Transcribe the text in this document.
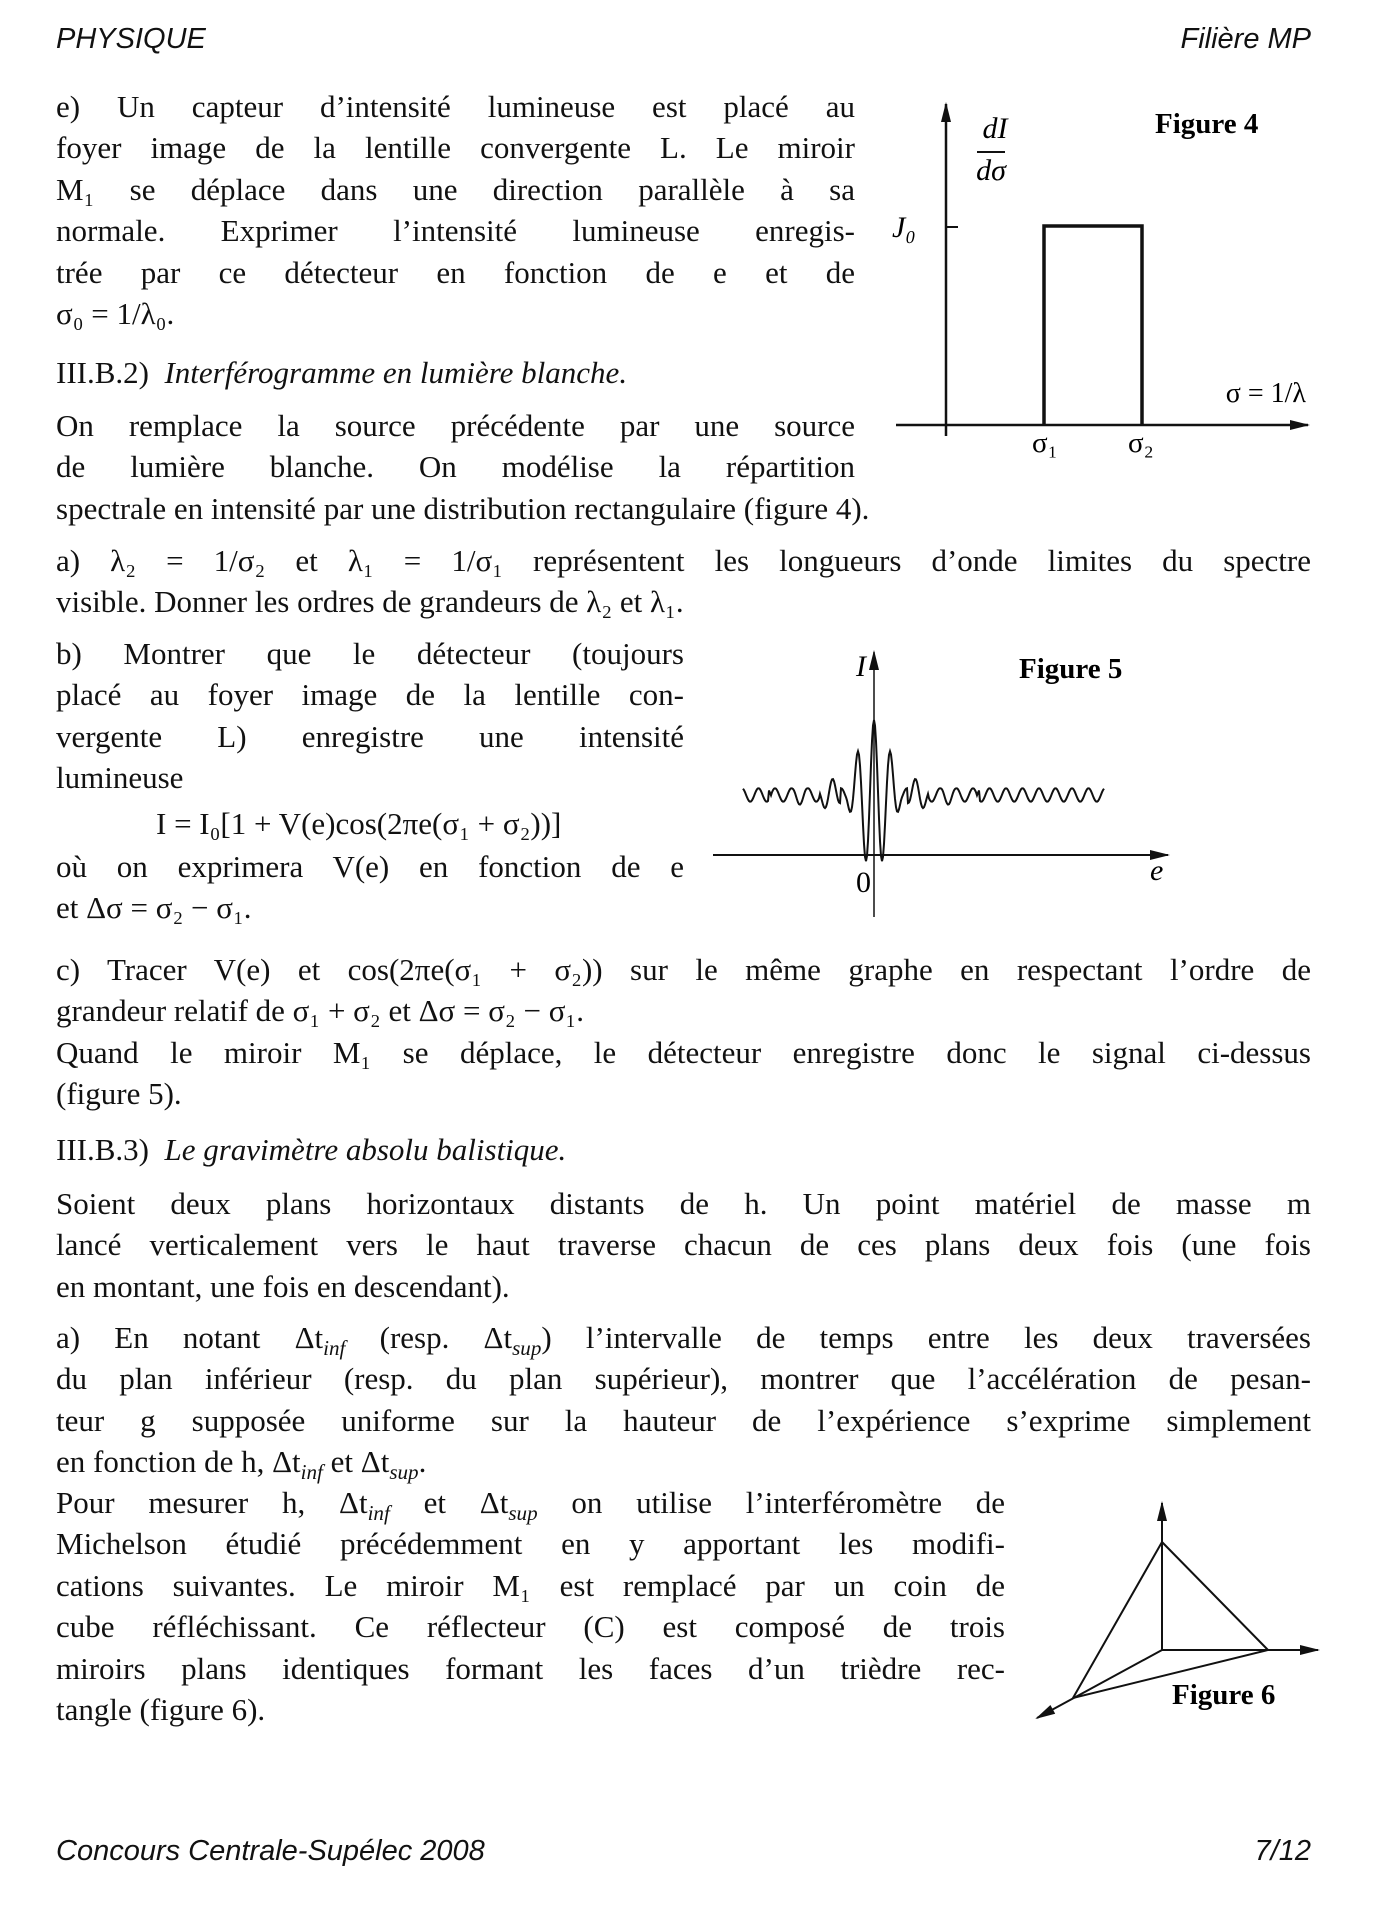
PHYSIQUE	Filière MP
e) Un capteur d’intensité lumineuse est placé au
foyer image de la lentille convergente L. Le miroir
M₁ se déplace dans une direction parallèle à sa
normale. Exprimer l’intensité lumineuse enregis-
trée par ce détecteur en fonction de e et de
σ₀ = 1/λ₀.
III.B.2) Interférogramme en lumière blanche.
On remplace la source précédente par une source
de lumière blanche. On modélise la répartition
spectrale en intensité par une distribution rectangulaire (figure 4).
a) λ₂ = 1/σ₂ et λ₁ = 1/σ₁ représentent les longueurs d’onde limites du spectre
visible. Donner les ordres de grandeurs de λ₂ et λ₁.
b) Montrer que le détecteur (toujours
placé au foyer image de la lentille con-
vergente L) enregistre une intensité
lumineuse
I = I₀[1 + V(e)cos(2πe(σ₁ + σ₂))]
où on exprimera V(e) en fonction de e
et Δσ = σ₂ − σ₁.
c) Tracer V(e) et cos(2πe(σ₁ + σ₂)) sur le même graphe en respectant l’ordre de
grandeur relatif de σ₁ + σ₂ et Δσ = σ₂ − σ₁.
Quand le miroir M₁ se déplace, le détecteur enregistre donc le signal ci-dessus
(figure 5).
III.B.3) Le gravimètre absolu balistique.
Soient deux plans horizontaux distants de h. Un point matériel de masse m
lancé verticalement vers le haut traverse chacun de ces plans deux fois (une fois
en montant, une fois en descendant).
a) En notant $\Delta t_{inf}$ (resp. $\Delta t_{sup}$) l’intervalle de temps entre les deux traversées
du plan inférieur (resp. du plan supérieur), montrer que l’accélération de pesan-
teur g supposée uniforme sur la hauteur de l’expérience s’exprime simplement
en fonction de h, $\Delta t_{inf}$ et $\Delta t_{sup}$.
Pour mesurer h, $\Delta t_{inf}$ et $\Delta t_{sup}$ on utilise l’interféromètre de
Michelson étudié précédemment en y apportant les modifi-
cations suivantes. Le miroir M₁ est remplacé par un coin de
cube réfléchissant. Ce réflecteur (C) est composé de trois
miroirs plans identiques formant les faces d’un trièdre rec-
tangle (figure 6).
dI
dσ
J₀
Figure 4
σ = 1/λ
σ₁ σ₂
I
e
0
Figure 5
Figure 6
Concours Centrale-Supélec 2008	7/12
